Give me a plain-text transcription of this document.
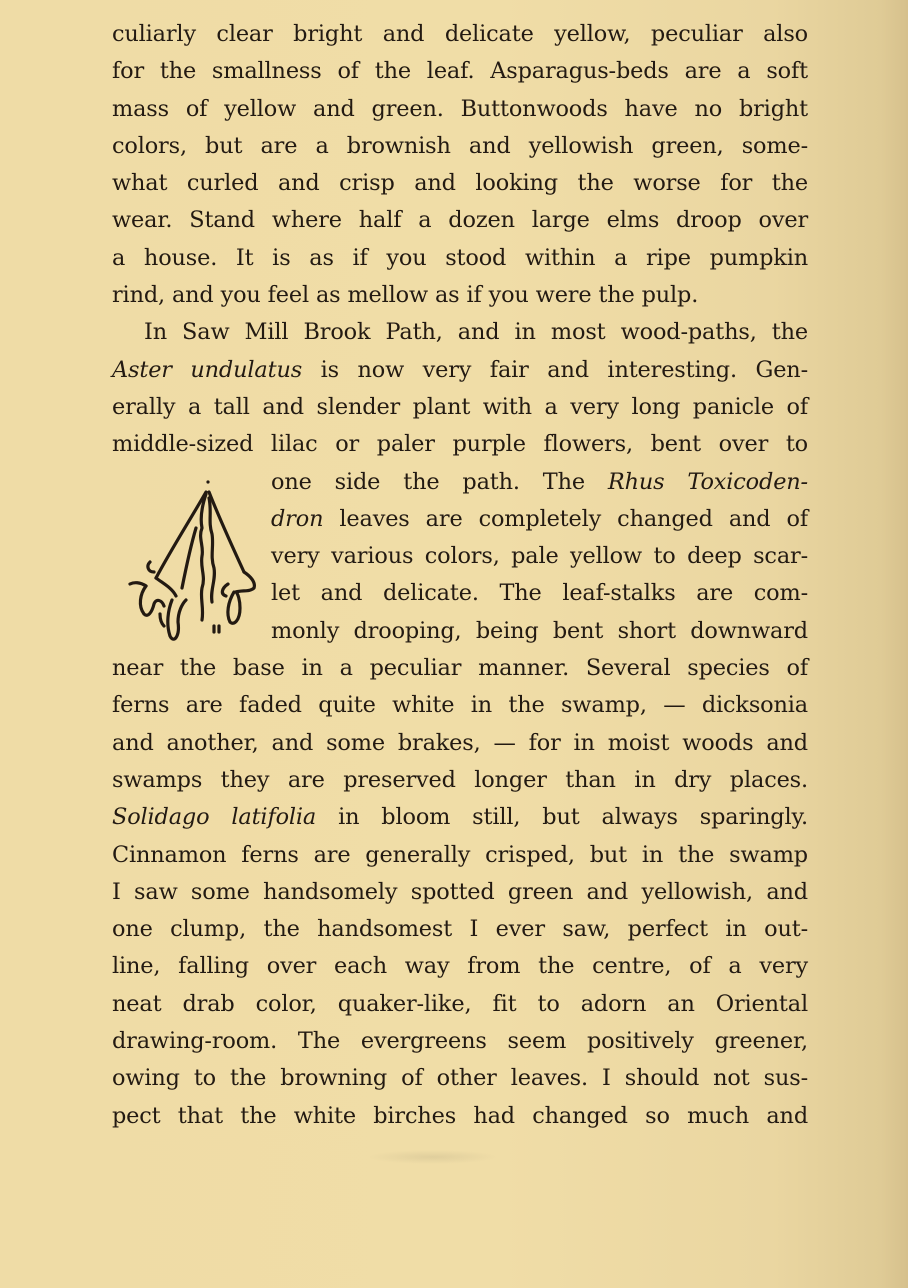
culiarly clear bright and delicate yellow, peculiar also
for the smallness of the leaf. Asparagus-beds are a soft
mass of yellow and green. Buttonwoods have no bright
colors, but are a brownish and yellowish green, some-
what curled and crisp and looking the worse for the
wear. Stand where half a dozen large elms droop over
a house. It is as if you stood within a ripe pumpkin
rind, and you feel as mellow as if you were the pulp.
In Saw Mill Brook Path, and in most wood-paths, the
Aster undulatus is now very fair and interesting. Gen-
erally a tall and slender plant with a very long panicle of
middle-sized lilac or paler purple flowers, bent over to
one side the path. The Rhus Toxicoden-
dron leaves are completely changed and of
very various colors, pale yellow to deep scar-
let and delicate. The leaf-stalks are com-
monly drooping, being bent short downward
near the base in a peculiar manner. Several species of
ferns are faded quite white in the swamp, — dicksonia
and another, and some brakes, — for in moist woods and
swamps they are preserved longer than in dry places.
Solidago latifolia in bloom still, but always sparingly.
Cinnamon ferns are generally crisped, but in the swamp
I saw some handsomely spotted green and yellowish, and
one clump, the handsomest I ever saw, perfect in out-
line, falling over each way from the centre, of a very
neat drab color, quaker-like, fit to adorn an Oriental
drawing-room. The evergreens seem positively greener,
owing to the browning of other leaves. I should not sus-
pect that the white birches had changed so much and
